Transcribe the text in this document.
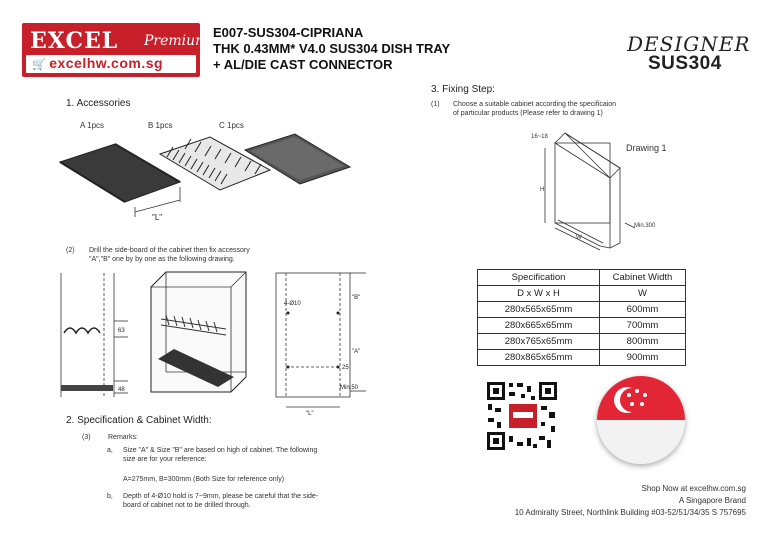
EXCEL Premium
🛒 excelhw.com.sg
E007-SUS304-CIPRIANA
THK 0.43MM* V4.0 SUS304 DISH TRAY
+ AL/DIE CAST CONNECTOR
DESIGNER
SUS304
1. Accessories
A 1pcs	B 1pcs	C 1pcs
"L"
(2) Drill the side-board of the cabinet then fix accessory
"A","B" one by by one as the following drawing.
63
48
4-Ø10
"B"
"A"
25
Min.50
"L"
2. Specification & Cabinet Width:
(3) Remarks:
a, Size "A" & Size "B" are based on high of cabinet. The following
size are for your reference:
A=275mm, B=300mm (Both Size for reference only)
b, Depth of 4-Ø10 hold is 7~9mm, please be careful that the side-
board of cabinet not to be drilled through.
3. Fixing Step:
(1) Choose a suitable cabinet according the specificaion
of particular products (Please refer to drawing 1)
16~18
Drawing 1
H
W
Min.300
Specification	Cabinet Width
D x W x H	W
280x565x65mm	600mm
280x665x65mm	700mm
280x765x65mm	800mm
280x865x65mm	900mm
Shop Now at excelhw.com.sg
A Singapore Brand
10 Admiralty Street, Northlink Building #03-52/51/34/35 S 757695
